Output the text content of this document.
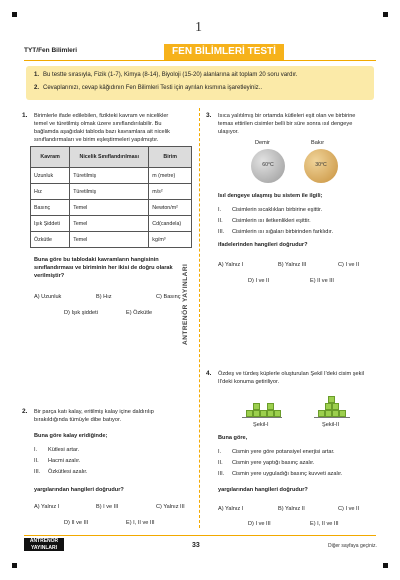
1
TYT/Fen Bilimleri	FEN BİLİMLERİ TESTİ
1. Bu testte sırasıyla, Fizik (1-7), Kimya (8-14), Biyoloji (15-20) alanlarına ait toplam 20 soru vardır.
2. Cevaplarınızı, cevap kâğıdının Fen Bilimleri Testi için ayrılan kısmına işaretleyiniz..
ANTRENÖR YAYINLARI
1. Birimlerle ifade edilebilen, fizikteki kavram ve nicelikler
temel ve türetilmiş olmak üzere sınıflandırılabilir. Bu
bağlamda aşağıdaki tabloda bazı kavramlara ait nicelik
sınıflandırmaları ve birim eşleştirmeleri yapılmıştır.
Kavram	Nicelik Sınıflandırılması	Birim
Uzunluk	Türetilmiş	m (metre)
Hız	Türetilmiş	m/s²
Basınç	Temel	Newton/m²
Işık Şiddeti	Temel	Cd(candela)
Özkütle	Temel	kg/m³
Buna göre bu tablodaki kavramların hangisinin
sınıflandırması ve biriminin her ikisi de doğru olarak
verilmiştir?
A) Uzunluk	B) Hız	C) Basınç
D) Işık şiddeti	E) Özkütle
2. Bir parça katı kalay, eritilmiş kalay içine daldırılıp
bırakıldığında tümüyle dibe batıyor.
Buna göre kalay eridiğinde;
I. Kütlesi artar.
II. Hacmi azalır.
III. Özkütlesi azalır.
yargılarından hangileri doğrudur?
A) Yalnız I	B) I ve III	C) Yalnız III
D) II ve III	E) I, II ve III
3. Isıca yalıtılmış bir ortamda kütleleri eşit olan ve birbirine
temas ettirilen cisimler belli bir süre sonra ısıl dengeye
ulaşıyor.
Demir	Bakır
60°C	30°C
Isıl dengeye ulaşmış bu sistem ile ilgili;
I. Cisimlerin sıcaklıkları birbirine eşittir.
II. Cisimlerin ısı iletkenlikleri eşittir.
III. Cisimlerin ısı sığaları birbirinden farklıdır.
ifadelerinden hangileri doğrudur?
A) Yalnız I	B) Yalnız III	C) I ve II
D) I ve II	E) II ve III
4. Özdeş ve türdeş küplerle oluşturulan Şekil I'deki cisim şekil
II'deki konuma getiriliyor.
Şekil-I	Şekil-II
Buna göre,
I. Cismin yere göre potansiyel enerjisi artar.
II. Cismin yere yaptığı basınç azalır.
III. Cismin yere uyguladığı basınç kuvveti azalır.
yargılarından hangileri doğrudur?
A) Yalnız I	B) Yalnız II	C) I ve II
D) I ve III	E) I, II ve III
ANTRENÖR
YAYINLARI	33	Diğer sayfaya geçiniz.
